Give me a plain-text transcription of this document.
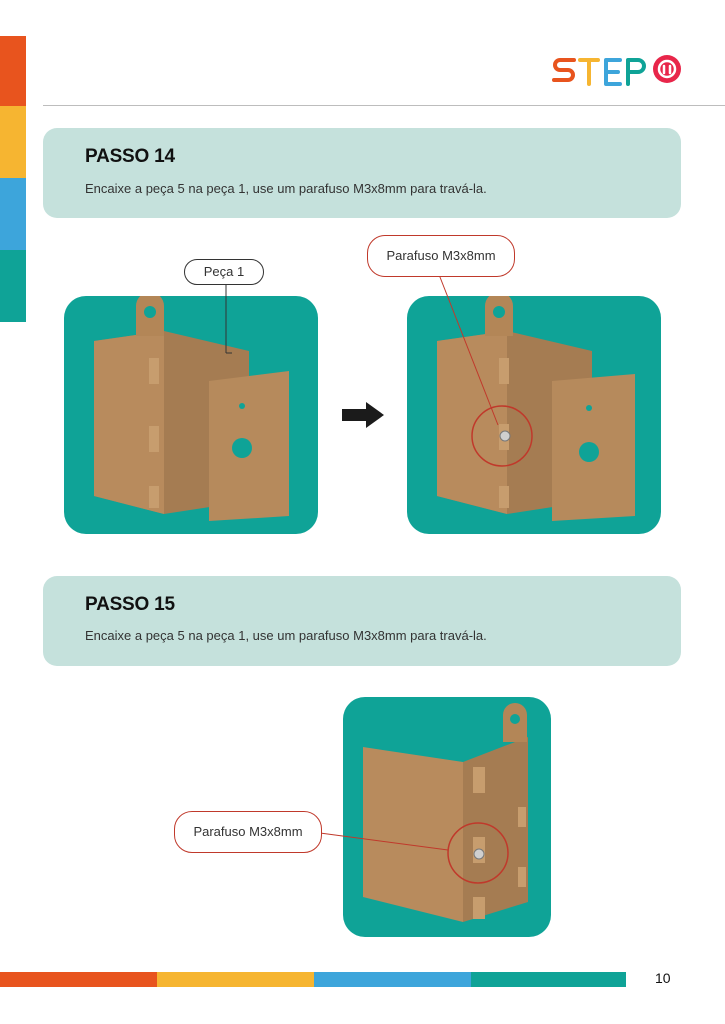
PASSO 14
Encaixe a peça 5 na peça 1, use um parafuso M3x8mm para travá-la.
PASSO 15
Encaixe a peça 5 na peça 1, use um parafuso M3x8mm para travá-la.
Peça 1
Parafuso M3x8mm
Parafuso M3x8mm
10
